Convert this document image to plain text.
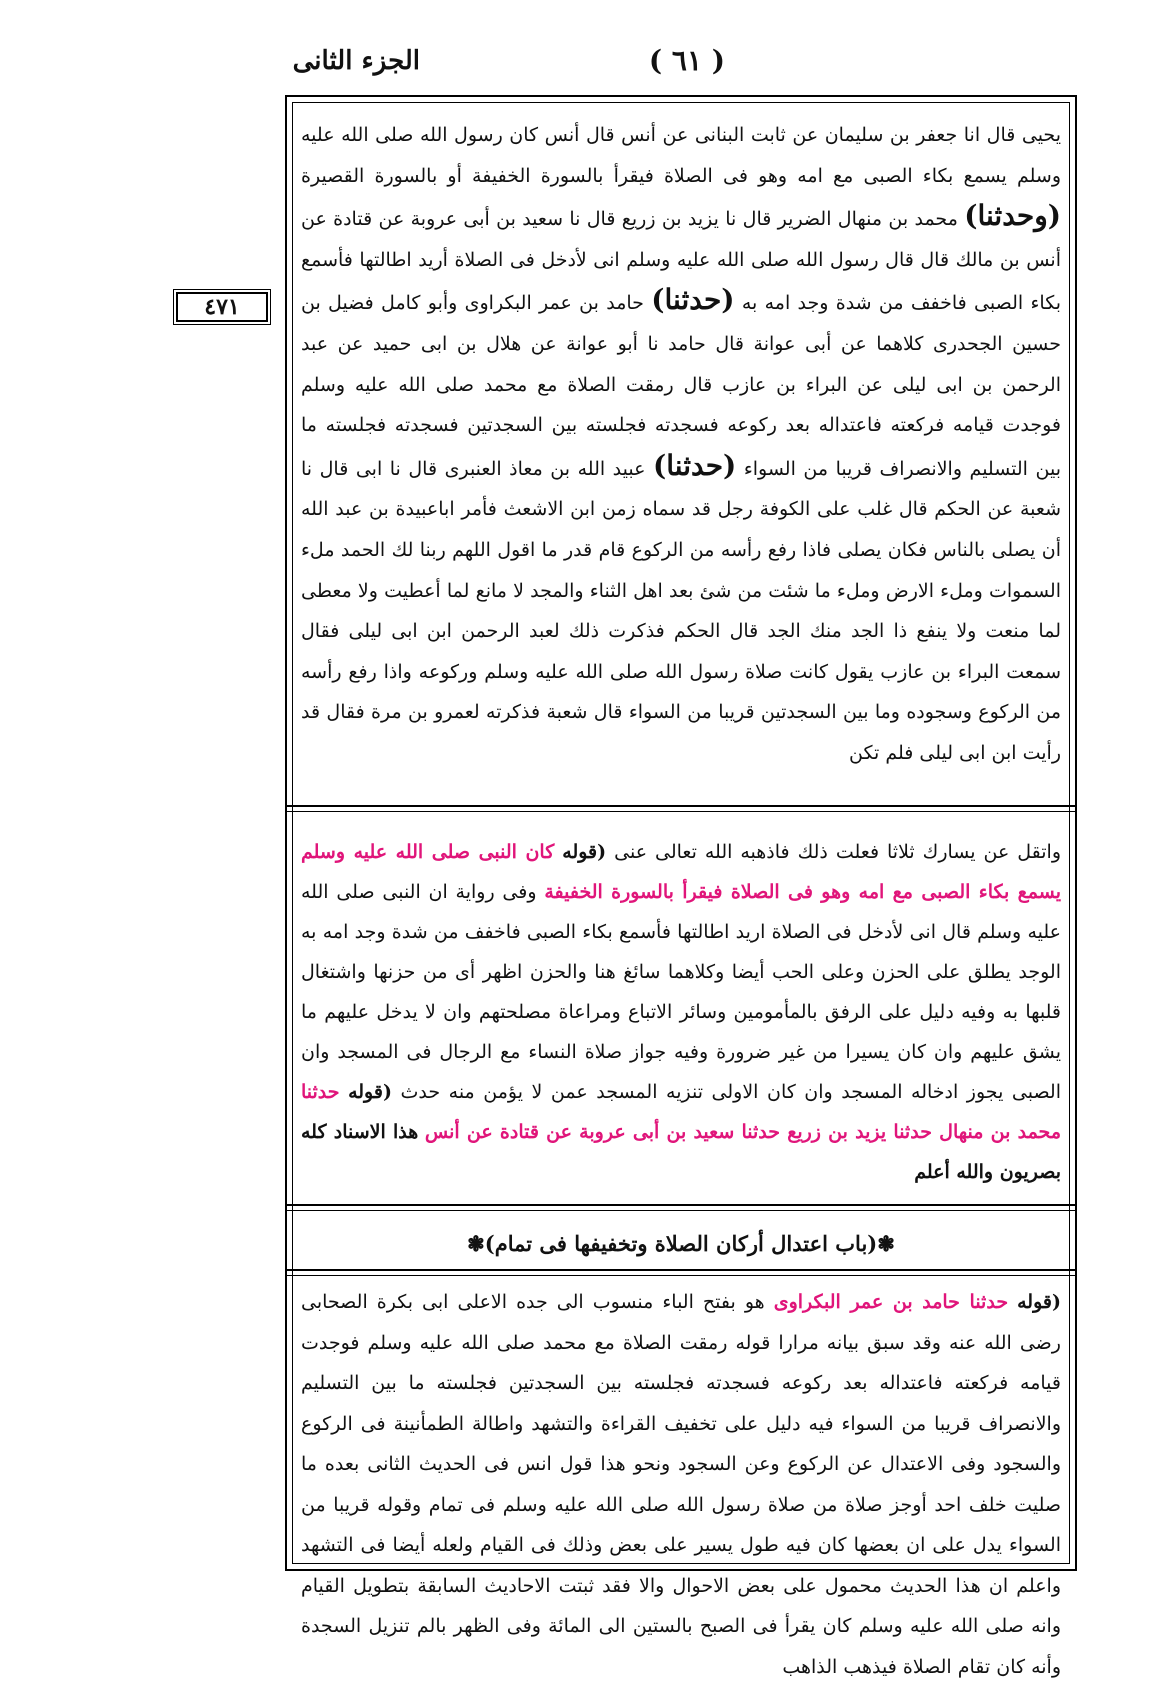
الجزء الثانى	( ٦١ )
٤٧١

يحيى قال انا جعفر بن سليمان عن ثابت البنانى عن أنس قال أنس كان رسول الله صلى الله عليه وسلم يسمع بكاء الصبى مع امه وهو فى الصلاة فيقرأ بالسورة الخفيفة أو بالسورة القصيرة (وحدثنا) محمد بن منهال الضرير قال نا يزيد بن زريع قال نا سعيد بن أبى عروبة عن قتادة عن أنس بن مالك قال قال رسول الله صلى الله عليه وسلم انى لأدخل فى الصلاة أريد اطالتها فأسمع بكاء الصبى فاخفف من شدة وجد امه به (حدثنا) حامد بن عمر البكراوى وأبو كامل فضيل بن حسين الجحدرى كلاهما عن أبى عوانة قال حامد نا أبو عوانة عن هلال بن ابى حميد عن عبد الرحمن بن ابى ليلى عن البراء بن عازب قال رمقت الصلاة مع محمد صلى الله عليه وسلم فوجدت قيامه فركعته فاعتداله بعد ركوعه فسجدته فجلسته بين السجدتين فسجدته فجلسته ما بين التسليم والانصراف قريبا من السواء (حدثنا) عبيد الله بن معاذ العنبرى قال نا ابى قال نا شعبة عن الحكم قال غلب على الكوفة رجل قد سماه زمن ابن الاشعث فأمر اباعبيدة بن عبد الله أن يصلى بالناس فكان يصلى فاذا رفع رأسه من الركوع قام قدر ما اقول اللهم ربنا لك الحمد ملء السموات وملء الارض وملء ما شئت من شئ بعد اهل الثناء والمجد لا مانع لما أعطيت ولا معطى لما منعت ولا ينفع ذا الجد منك الجد قال الحكم فذكرت ذلك لعبد الرحمن ابن ابى ليلى فقال سمعت البراء بن عازب يقول كانت صلاة رسول الله صلى الله عليه وسلم وركوعه واذا رفع رأسه من الركوع وسجوده وما بين السجدتين قريبا من السواء قال شعبة فذكرته لعمرو بن مرة فقال قد رأيت ابن ابى ليلى فلم تكن

واتقل عن يسارك ثلاثا فعلت ذلك فاذهبه الله تعالى عنى (قوله كان النبى صلى الله عليه وسلم يسمع بكاء الصبى مع امه وهو فى الصلاة فيقرأ بالسورة الخفيفة وفى رواية ان النبى صلى الله عليه وسلم قال انى لأدخل فى الصلاة اريد اطالتها فأسمع بكاء الصبى فاخفف من شدة وجد امه به الوجد يطلق على الحزن وعلى الحب أيضا وكلاهما سائغ هنا والحزن اظهر أى من حزنها واشتغال قلبها به وفيه دليل على الرفق بالمأمومين وسائر الاتباع ومراعاة مصلحتهم وان لا يدخل عليهم ما يشق عليهم وان كان يسيرا من غير ضرورة وفيه جواز صلاة النساء مع الرجال فى المسجد وان الصبى يجوز ادخاله المسجد وان كان الاولى تنزيه المسجد عمن لا يؤمن منه حدث (قوله حدثنا محمد بن منهال حدثنا يزيد بن زريع حدثنا سعيد بن أبى عروبة عن قتادة عن أنس هذا الاسناد كله بصريون والله أعلم

❃
(باب اعتدال أركان الصلاة وتخفيفها فى تمام)
❃

(قوله حدثنا حامد بن عمر البكراوى هو بفتح الباء منسوب الى جده الاعلى ابى بكرة الصحابى رضى الله عنه وقد سبق بيانه مرارا قوله رمقت الصلاة مع محمد صلى الله عليه وسلم فوجدت قيامه فركعته فاعتداله بعد ركوعه فسجدته فجلسته بين السجدتين فجلسته ما بين التسليم والانصراف قريبا من السواء فيه دليل على تخفيف القراءة والتشهد واطالة الطمأنينة فى الركوع والسجود وفى الاعتدال عن الركوع وعن السجود ونحو هذا قول انس فى الحديث الثانى بعده ما صليت خلف احد أوجز صلاة من صلاة رسول الله صلى الله عليه وسلم فى تمام وقوله قريبا من السواء يدل على ان بعضها كان فيه طول يسير على بعض وذلك فى القيام ولعله أيضا فى التشهد واعلم ان هذا الحديث محمول على بعض الاحوال والا فقد ثبتت الاحاديث السابقة بتطويل القيام وانه صلى الله عليه وسلم كان يقرأ فى الصبح بالستين الى المائة وفى الظهر بالم تنزيل السجدة وأنه كان تقام الصلاة فيذهب الذاهب
